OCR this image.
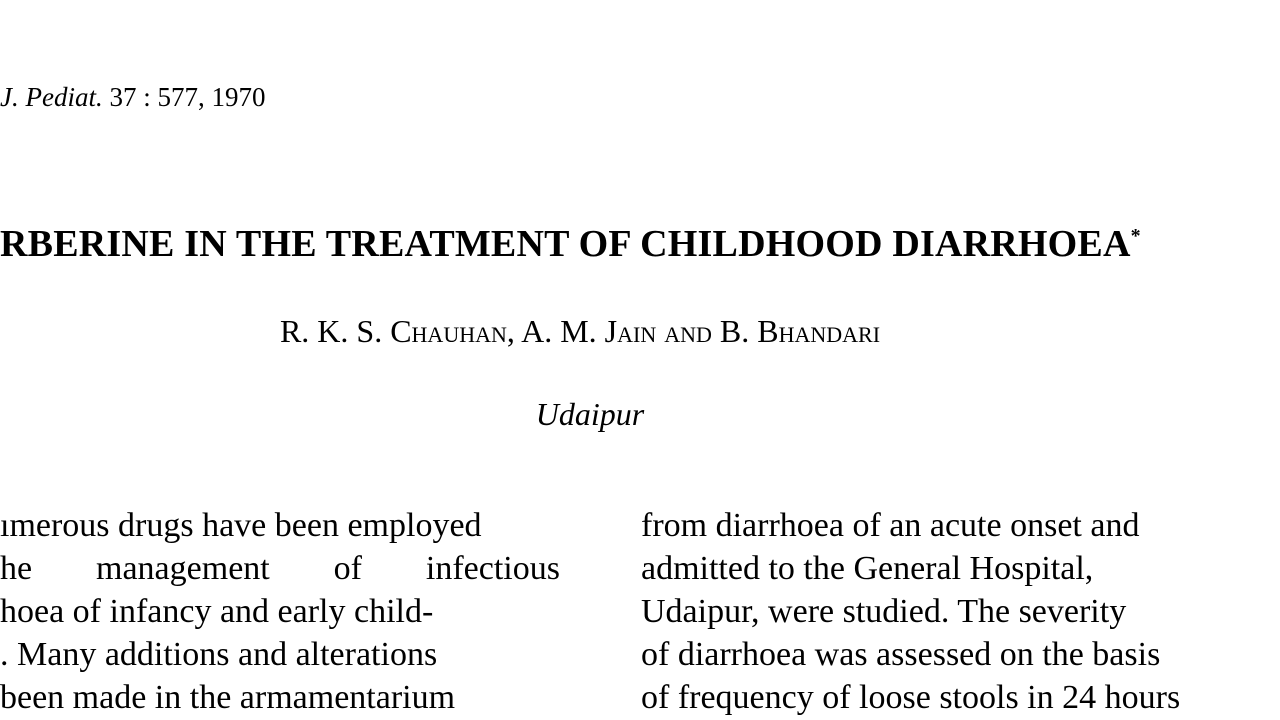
J. Pediat. 37 : 577, 1970
RBERINE IN THE TREATMENT OF CHILDHOOD DIARRHOEA*
R. K. S. Chauhan, A. M. Jain and B. Bhandari
Udaipur
ımerous drugs have been employed
he management of infectious
hoea of infancy and early child-
. Many additions and alterations
been made in the armamentarium
from diarrhoea of an acute onset and
admitted to the General Hospital,
Udaipur, were studied. The severity
of diarrhoea was assessed on the basis
of frequency of loose stools in 24 hours
